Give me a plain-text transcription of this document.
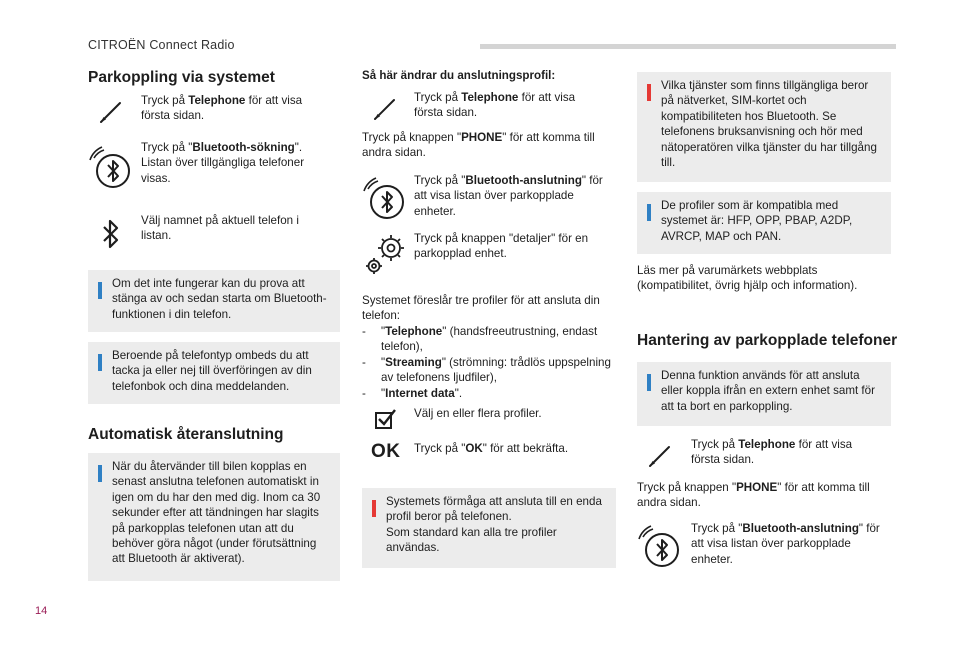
CITROËN Connect Radio
Parkoppling via systemet
Tryck på Telephone för att visa första sidan.
Tryck på "Bluetooth-sökning". Listan över tillgängliga telefoner visas.
Välj namnet på aktuell telefon i listan.
Om det inte fungerar kan du prova att stänga av och sedan starta om Bluetooth-funktionen i din telefon.
Beroende på telefontyp ombeds du att tacka ja eller nej till överföringen av din telefonbok och dina meddelanden.
Automatisk återanslutning
När du återvänder till bilen kopplas en senast anslutna telefonen automatiskt in igen om du har den med dig. Inom ca 30 sekunder efter att tändningen har slagits på parkopplas telefonen utan att du behöver göra något (under förutsättning att Bluetooth är aktiverat).
Så här ändrar du anslutningsprofil:
Tryck på Telephone för att visa första sidan.
Tryck på knappen "PHONE" för att komma till andra sidan.
Tryck på "Bluetooth-anslutning" för att visa listan över parkopplade enheter.
Tryck på knappen "detaljer" för en parkopplad enhet.
Systemet föreslår tre profiler för att ansluta din telefon:
- "Telephone" (handsfreeutrustning, endast telefon),
- "Streaming" (strömning: trådlös uppspelning av telefonens ljudfiler),
- "Internet data".
Välj en eller flera profiler.
OK Tryck på "OK" för att bekräfta.
Systemets förmåga att ansluta till en enda profil beror på telefonen.
Som standard kan alla tre profiler användas.
Vilka tjänster som finns tillgängliga beror på nätverket, SIM-kortet och kompatibiliteten hos Bluetooth. Se telefonens bruksanvisning och hör med nätoperatören vilka tjänster du har tillgång till.
De profiler som är kompatibla med systemet är: HFP, OPP, PBAP, A2DP, AVRCP, MAP och PAN.
Läs mer på varumärkets webbplats (kompatibilitet, övrig hjälp och information).
Hantering av parkopplade telefoner
Denna funktion används för att ansluta eller koppla ifrån en extern enhet samt för att ta bort en parkoppling.
Tryck på Telephone för att visa första sidan.
Tryck på knappen "PHONE" för att komma till andra sidan.
Tryck på "Bluetooth-anslutning" för att visa listan över parkopplade enheter.
14
